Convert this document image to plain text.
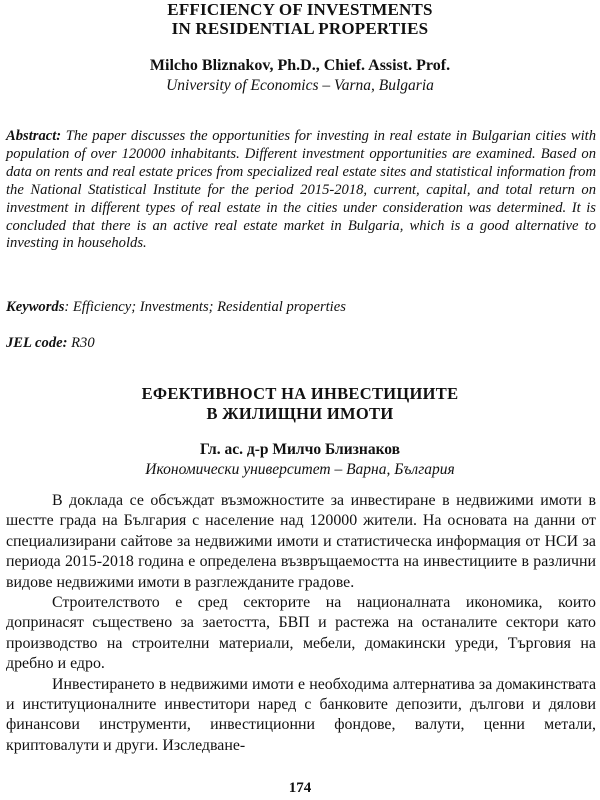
EFFICIENCY OF INVESTMENTS
IN RESIDENTIAL PROPERTIES
Milcho Bliznakov, Ph.D., Chief. Assist. Prof.
University of Economics – Varna, Bulgaria
Abstract: The paper discusses the opportunities for investing in real estate in Bulgarian cities with population of over 120000 inhabitants. Different investment opportunities are examined. Based on data on rents and real estate prices from specialized real estate sites and statistical information from the National Statistical Institute for the period 2015-2018, current, capital, and total return on investment in different types of real estate in the cities under consideration was determined. It is concluded that there is an active real estate market in Bulgaria, which is a good alternative to investing in households.
Keywords: Efficiency; Investments; Residential properties
JEL code: R30
ЕФЕКТИВНОСТ НА ИНВЕСТИЦИИТЕ
В ЖИЛИЩНИ ИМОТИ
Гл. ас. д-р Милчо Близнаков
Икономически университет – Варна, България

В доклада се обсъждат възможностите за инвестиране в недвижими имоти в шестте града на България с население над 120000 жители. На основата на данни от специализирани сайтове за недвижими имоти и статистическа информация от НСИ за периода 2015-2018 година е определена възвръщаемостта на инвестициите в различни видове недвижими имоти в разглежданите градове.

Строителството е сред секторите на националната икономика, които допринасят съществено за заетостта, БВП и растежа на останалите сектори като производство на строителни материали, мебели, домакински уреди, Търговия на дребно и едро.

Инвестирането в недвижими имоти е необходима алтернатива за домакинствата и институционалните инвеститори наред с банковите депозити, дългови и дялови финансови инструменти, инвестиционни фондове, валути, ценни метали, криптовалути и други. Изследване-

174
